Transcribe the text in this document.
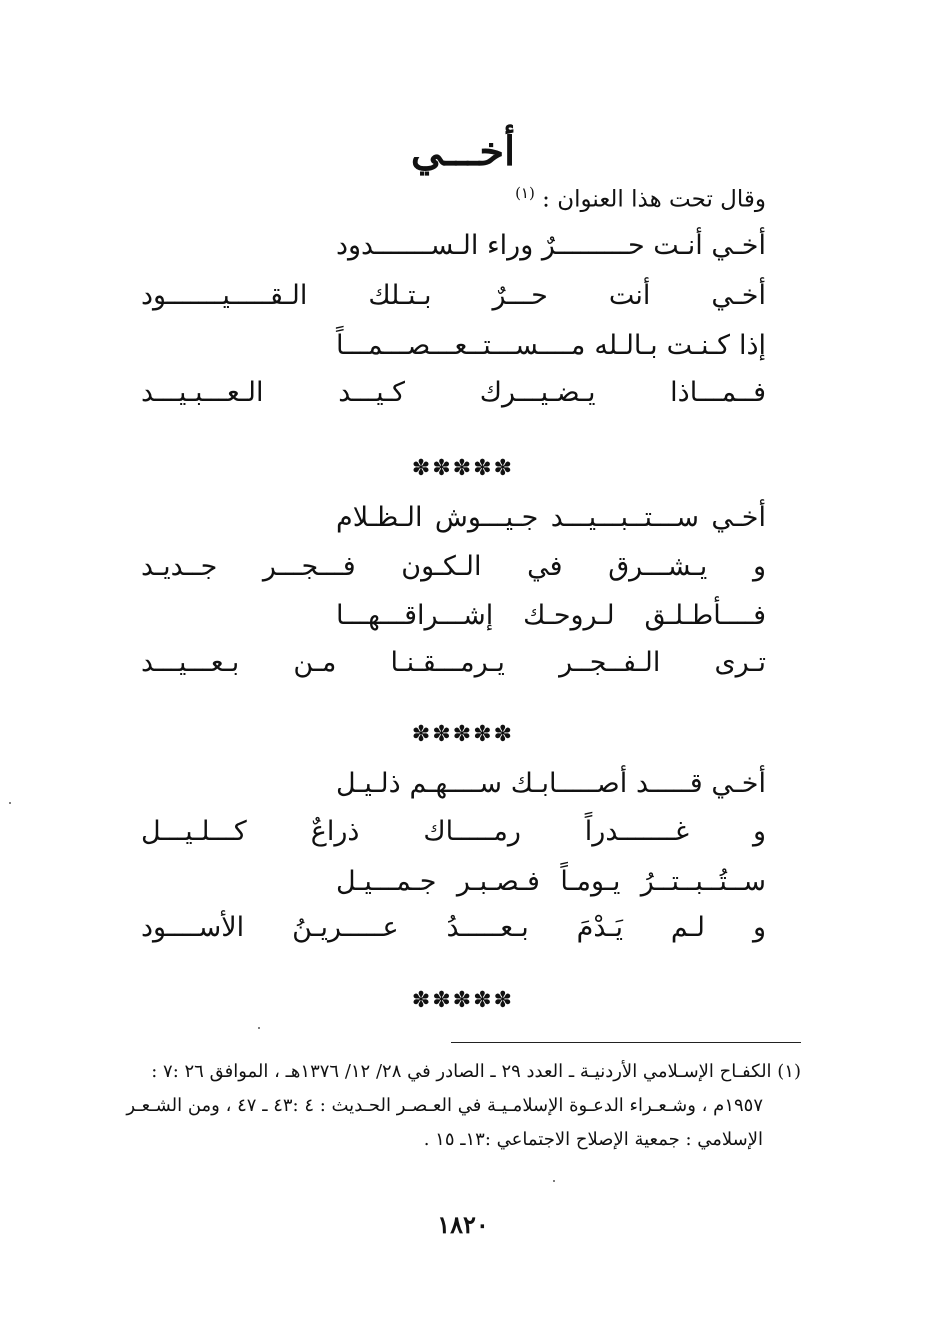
أخـــي
وقال تحت هذا العنوان : $^{(١)}$
أخـي أنـت حـــــــــرٌ وراء الـســـــــدود
أخـي أنت حـــرٌ بـتـلك الـقـــــيـــــــود
إذا كـنـت بـالـله مــــســـتــعـــصـــمـــاً
فــمـــاذا يـضـيـــرك كـيـــد الـعـــبـيـــد
✽✽✽✽✽
أخـي ســـتــبـــيـــد جـيـــوش الـظـلام
و يـشـــرق في الـكـون فـــجـــر جــديـد
فــــأطـلـق لـروحـك إشـــراقـــهـــا
تـرى الـفــجــر يـرمـــقـنـا مـن بـعـــيـــد
✽✽✽✽✽
أخـي قـــــد أصـــــابـك ســــهـم ذلـيـل
و غـــــــدراً رمـــــاك ذراعٌ كـــلـيـــل
ســتُــبــتــرُ يـومـاً فـصـبـر جـمـــيـل
و لـم يَـدْمَ بـعـــــدُ عـــــريـنُ الأســــود
✽✽✽✽✽
(١) الكفـاح الإسـلامي الأردنيـة ـ العدد ٢٩ ـ الصادر في ٢٨/ ١٢/ ١٣٧٦هـ ، الموافق ٢٦ :٧ :
١٩٥٧م ، وشـعـراء الدعـوة الإسلامـيـة في العـصـر الحـديث : ٤ :٤٣ ـ ٤٧ ، ومن الشـعـر
الإسلامي : جمعية الإصلاح الاجتماعي :١٣ـ ١٥ .
١٨٢٠
